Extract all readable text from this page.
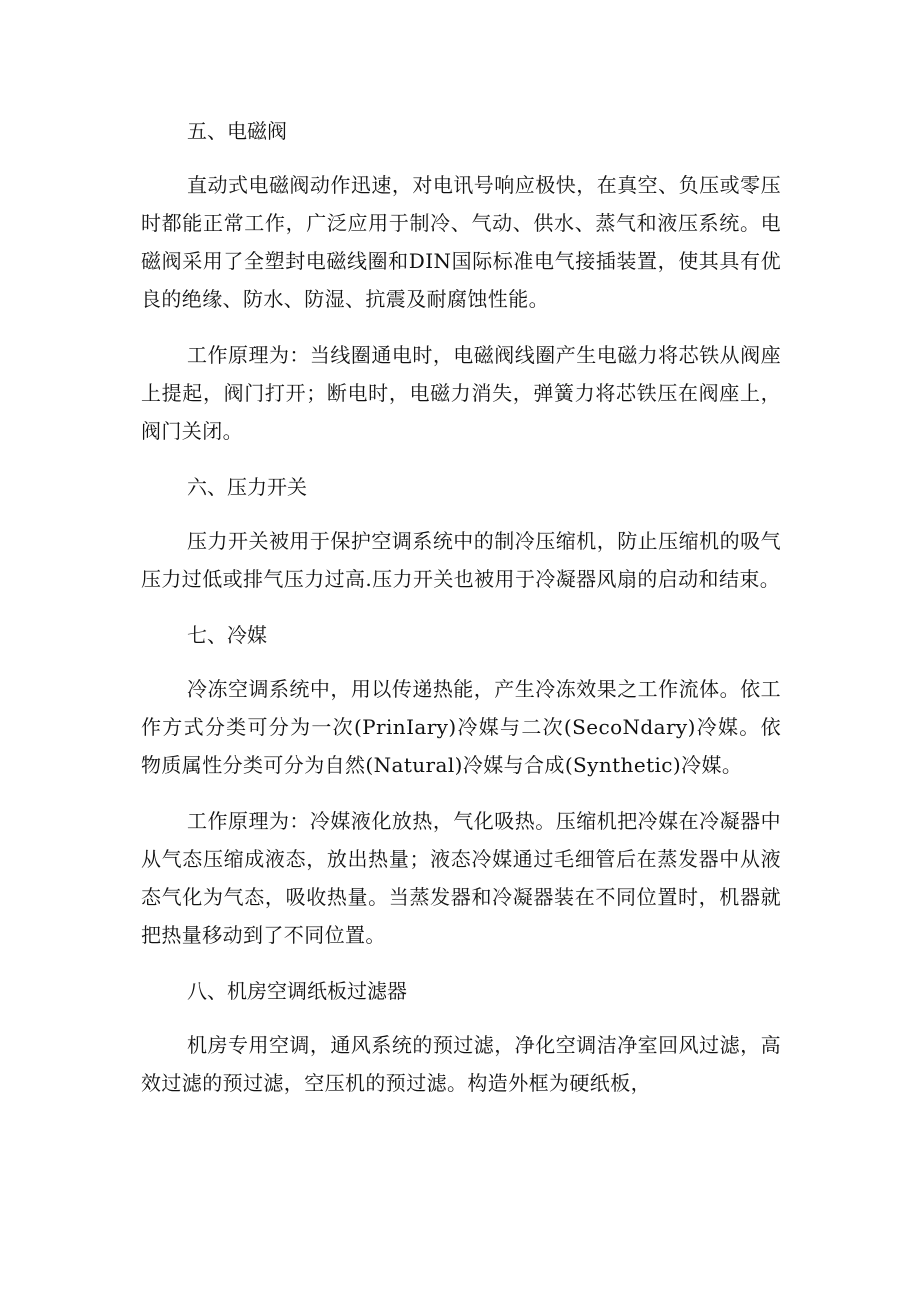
五、电磁阀

直动式电磁阀动作迅速，对电讯号响应极快，在真空、负压或零压时都能正常工作，广泛应用于制冷、气动、供水、蒸气和液压系统。电磁阀采用了全塑封电磁线圈和DIN国际标准电气接插装置，使其具有优良的绝缘、防水、防湿、抗震及耐腐蚀性能。

工作原理为：当线圈通电时，电磁阀线圈产生电磁力将芯铁从阀座上提起，阀门打开；断电时，电磁力消失，弹簧力将芯铁压在阀座上，阀门关闭。

六、压力开关

压力开关被用于保护空调系统中的制冷压缩机，防止压缩机的吸气压力过低或排气压力过高.压力开关也被用于冷凝器风扇的启动和结束。

七、冷媒

冷冻空调系统中，用以传递热能，产生冷冻效果之工作流体。依工作方式分类可分为一次(PrinIary)冷媒与二次(SecoNdary)冷媒。依物质属性分类可分为自然(Natural)冷媒与合成(Synthetic)冷媒。

工作原理为：冷媒液化放热，气化吸热。压缩机把冷媒在冷凝器中从气态压缩成液态，放出热量；液态冷媒通过毛细管后在蒸发器中从液态气化为气态，吸收热量。当蒸发器和冷凝器装在不同位置时，机器就把热量移动到了不同位置。

八、机房空调纸板过滤器

机房专用空调，通风系统的预过滤，净化空调洁净室回风过滤，高效过滤的预过滤，空压机的预过滤。构造外框为硬纸板，
